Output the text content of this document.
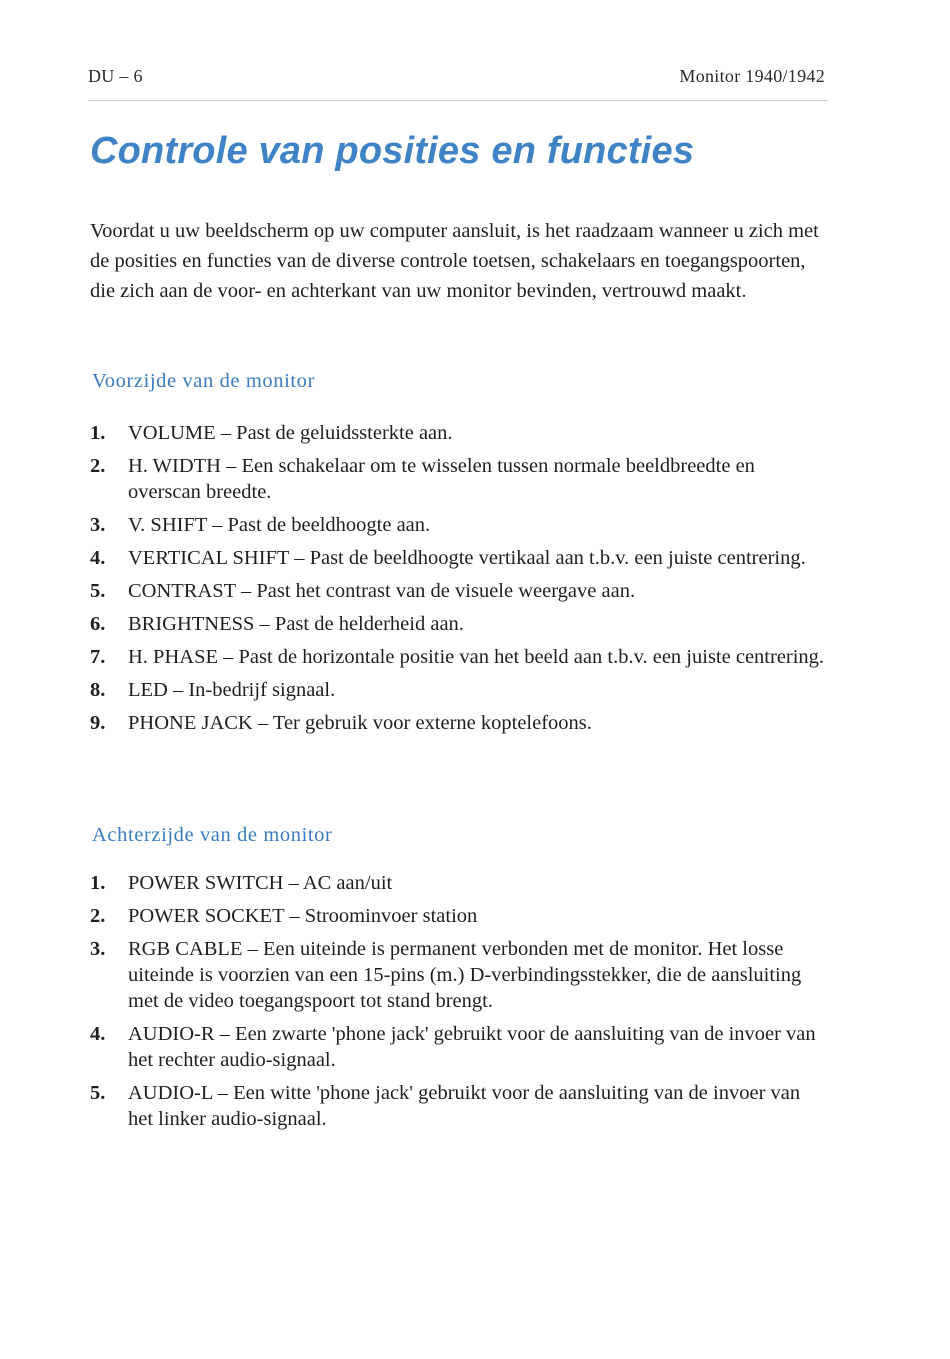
DU – 6	Monitor 1940/1942
Controle van posities en functies

Voordat u uw beeldscherm op uw computer aansluit, is het raadzaam wanneer u zich met de posities en functies van de diverse controle toetsen, schakelaars en toegangspoorten, die zich aan de voor- en achterkant van uw monitor bevinden, vertrouwd maakt.

Voorzijde van de monitor
1.	VOLUME – Past de geluidssterkte aan.
2.	H. WIDTH – Een schakelaar om te wisselen tussen normale beeldbreedte en overscan breedte.
3.	V. SHIFT – Past de beeldhoogte aan.
4.	VERTICAL SHIFT – Past de beeldhoogte vertikaal aan t.b.v. een juiste centrering.
5.	CONTRAST – Past het contrast van de visuele weergave aan.
6.	BRIGHTNESS – Past de helderheid aan.
7.	H. PHASE – Past de horizontale positie van het beeld aan t.b.v. een juiste centrering.
8.	LED – In-bedrijf signaal.
9.	PHONE JACK – Ter gebruik voor externe koptelefoons.
Achterzijde van de monitor
1.	POWER SWITCH – AC aan/uit
2.	POWER SOCKET – Stroominvoer station
3.	RGB CABLE – Een uiteinde is permanent verbonden met de monitor. Het losse uiteinde is voorzien van een 15-pins (m.) D-verbindingsstekker, die de aansluiting met de video toegangspoort tot stand brengt.
4.	AUDIO-R – Een zwarte 'phone jack' gebruikt voor de aansluiting van de invoer van het rechter audio-signaal.
5.	AUDIO-L – Een witte 'phone jack' gebruikt voor de aansluiting van de invoer van het linker audio-signaal.
